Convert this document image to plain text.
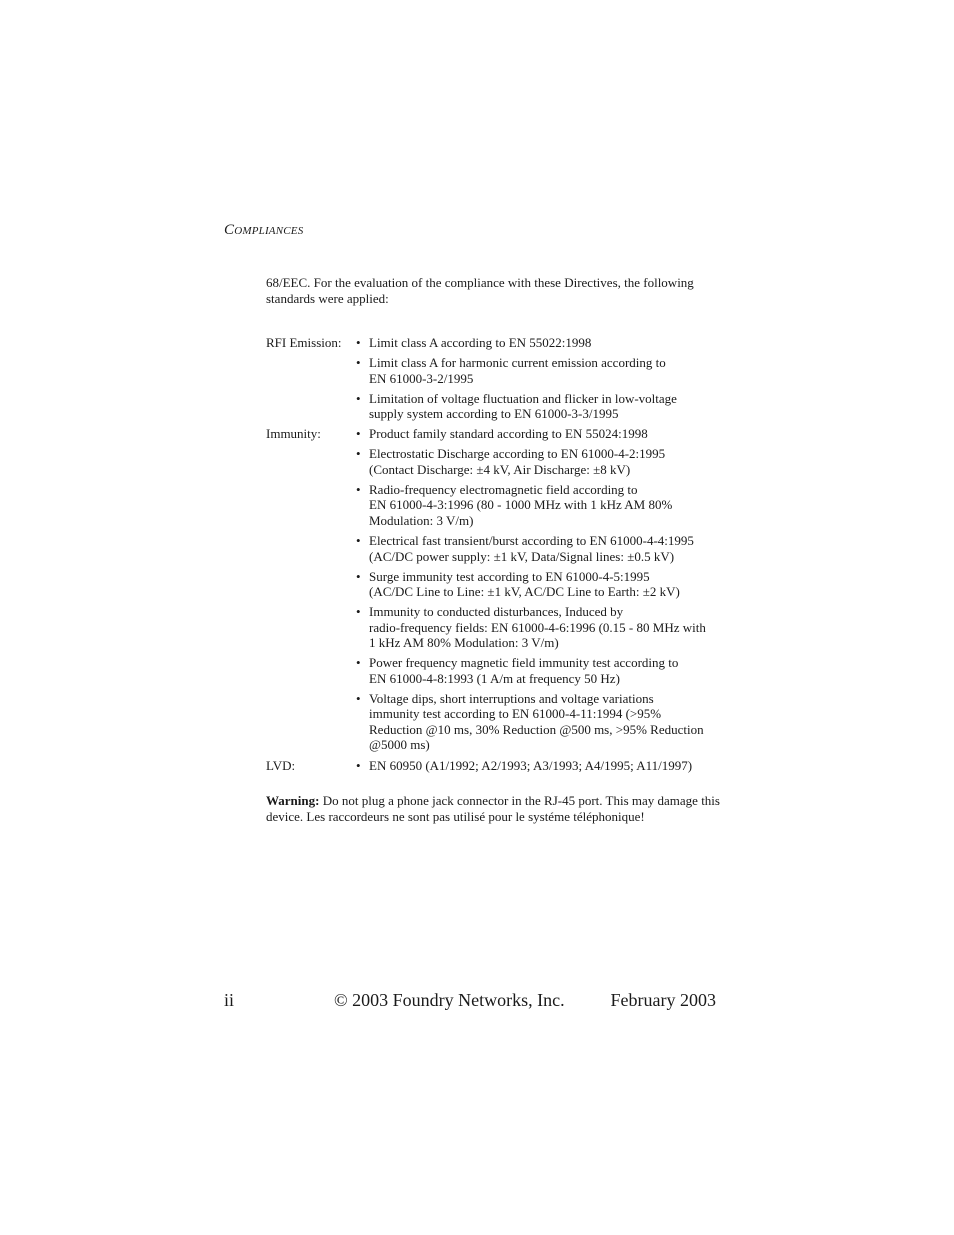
Compliances

68/EEC. For the evaluation of the compliance with these Directives, the following standards were applied:

RFI Emission:	• Limit class A according to EN 55022:1998
• Limit class A for harmonic current emission according to
EN 61000-3-2/1995
• Limitation of voltage fluctuation and flicker in low-voltage
supply system according to EN 61000-3-3/1995
Immunity:	• Product family standard according to EN 55024:1998
• Electrostatic Discharge according to EN 61000-4-2:1995
(Contact Discharge: ±4 kV, Air Discharge: ±8 kV)
• Radio-frequency electromagnetic field according to
EN 61000-4-3:1996 (80 - 1000 MHz with 1 kHz AM 80%
Modulation: 3 V/m)
• Electrical fast transient/burst according to EN 61000-4-4:1995
(AC/DC power supply: ±1 kV, Data/Signal lines: ±0.5 kV)
• Surge immunity test according to EN 61000-4-5:1995
(AC/DC Line to Line: ±1 kV, AC/DC Line to Earth: ±2 kV)
• Immunity to conducted disturbances, Induced by
radio-frequency fields: EN 61000-4-6:1996 (0.15 - 80 MHz with
1 kHz AM 80% Modulation: 3 V/m)
• Power frequency magnetic field immunity test according to
EN 61000-4-8:1993 (1 A/m at frequency 50 Hz)
• Voltage dips, short interruptions and voltage variations
immunity test according to EN 61000-4-11:1994 (>95%
Reduction @10 ms, 30% Reduction @500 ms, >95% Reduction
@5000 ms)
LVD:	• EN 60950 (A1/1992; A2/1993; A3/1993; A4/1995; A11/1997)

Warning: Do not plug a phone jack connector in the RJ-45 port. This may damage this device. Les raccordeurs ne sont pas utilisé pour le systéme téléphonique!

ii	© 2003 Foundry Networks, Inc.	February 2003
